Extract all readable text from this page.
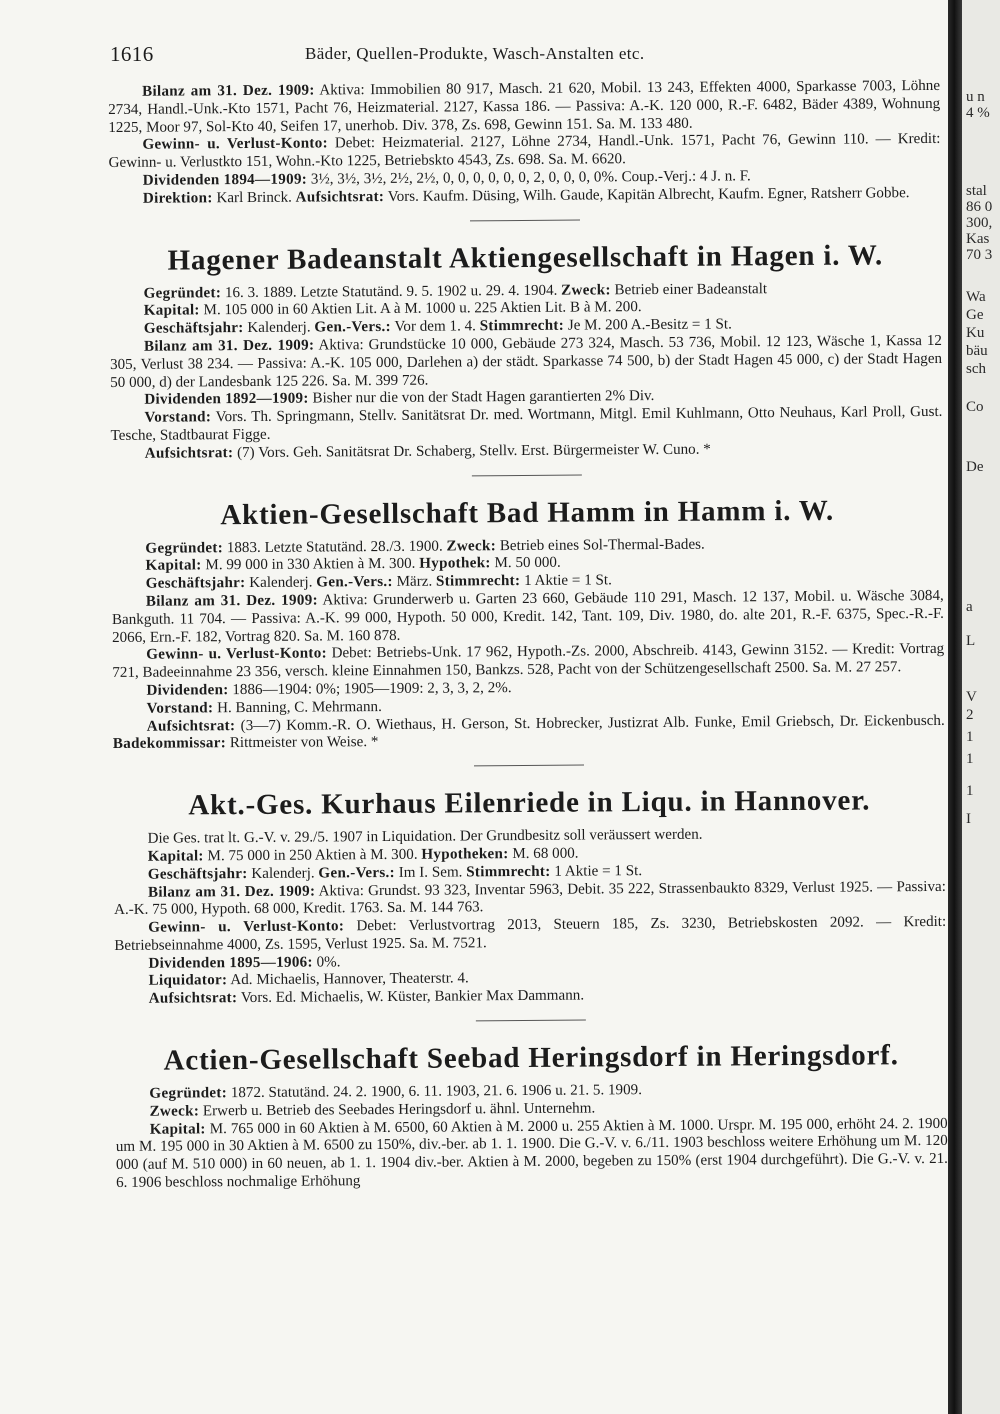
1616	Bäder, Quellen-Produkte, Wasch-Anstalten etc.

Bilanz am 31. Dez. 1909: Aktiva: Immobilien 80 917, Masch. 21 620, Mobil. 13 243, Effekten 4000, Sparkasse 7003, Löhne 2734, Handl.-Unk.-Kto 1571, Pacht 76, Heizmaterial. 2127, Kassa 186. — Passiva: A.-K. 120 000, R.-F. 6482, Bäder 4389, Wohnung 1225, Moor 97, Sol-Kto 40, Seifen 17, unerhob. Div. 378, Zs. 698, Gewinn 151. Sa. M. 133 480.

Gewinn- u. Verlust-Konto: Debet: Heizmaterial. 2127, Löhne 2734, Handl.-Unk. 1571, Pacht 76, Gewinn 110. — Kredit: Gewinn- u. Verlustkto 151, Wohn.-Kto 1225, Betriebskto 4543, Zs. 698. Sa. M. 6620.

Dividenden 1894—1909: 3½, 3½, 3½, 2½, 2½, 0, 0, 0, 0, 0, 0, 2, 0, 0, 0, 0%. Coup.-Verj.: 4 J. n. F.

Direktion: Karl Brinck. Aufsichtsrat: Vors. Kaufm. Düsing, Wilh. Gaude, Kapitän Albrecht, Kaufm. Egner, Ratsherr Gobbe.

Hagener Badeanstalt Aktiengesellschaft in Hagen i. W.

Gegründet: 16. 3. 1889. Letzte Statutänd. 9. 5. 1902 u. 29. 4. 1904. Zweck: Betrieb einer Badeanstalt

Kapital: M. 105 000 in 60 Aktien Lit. A à M. 1000 u. 225 Aktien Lit. B à M. 200.

Geschäftsjahr: Kalenderj. Gen.-Vers.: Vor dem 1. 4. Stimmrecht: Je M. 200 A.-Besitz = 1 St.

Bilanz am 31. Dez. 1909: Aktiva: Grundstücke 10 000, Gebäude 273 324, Masch. 53 736, Mobil. 12 123, Wäsche 1, Kassa 12 305, Verlust 38 234. — Passiva: A.-K. 105 000, Darlehen a) der städt. Sparkasse 74 500, b) der Stadt Hagen 45 000, c) der Stadt Hagen 50 000, d) der Landesbank 125 226. Sa. M. 399 726.

Dividenden 1892—1909: Bisher nur die von der Stadt Hagen garantierten 2% Div.

Vorstand: Vors. Th. Springmann, Stellv. Sanitätsrat Dr. med. Wortmann, Mitgl. Emil Kuhlmann, Otto Neuhaus, Karl Proll, Gust. Tesche, Stadtbaurat Figge.

Aufsichtsrat: (7) Vors. Geh. Sanitätsrat Dr. Schaberg, Stellv. Erst. Bürgermeister W. Cuno. *

Aktien-Gesellschaft Bad Hamm in Hamm i. W.

Gegründet: 1883. Letzte Statutänd. 28./3. 1900. Zweck: Betrieb eines Sol-Thermal-Bades.

Kapital: M. 99 000 in 330 Aktien à M. 300. Hypothek: M. 50 000.

Geschäftsjahr: Kalenderj. Gen.-Vers.: März. Stimmrecht: 1 Aktie = 1 St.

Bilanz am 31. Dez. 1909: Aktiva: Grunderwerb u. Garten 23 660, Gebäude 110 291, Masch. 12 137, Mobil. u. Wäsche 3084, Bankguth. 11 704. — Passiva: A.-K. 99 000, Hypoth. 50 000, Kredit. 142, Tant. 109, Div. 1980, do. alte 201, R.-F. 6375, Spec.-R.-F. 2066, Ern.-F. 182, Vortrag 820. Sa. M. 160 878.

Gewinn- u. Verlust-Konto: Debet: Betriebs-Unk. 17 962, Hypoth.-Zs. 2000, Abschreib. 4143, Gewinn 3152. — Kredit: Vortrag 721, Badeeinnahme 23 356, versch. kleine Einnahmen 150, Bankzs. 528, Pacht von der Schützengesellschaft 2500. Sa. M. 27 257.

Dividenden: 1886—1904: 0%; 1905—1909: 2, 3, 3, 2, 2%.

Vorstand: H. Banning, C. Mehrmann.

Aufsichtsrat: (3—7) Komm.-R. O. Wiethaus, H. Gerson, St. Hobrecker, Justizrat Alb. Funke, Emil Griebsch, Dr. Eickenbusch. Badekommissar: Rittmeister von Weise. *

Akt.-Ges. Kurhaus Eilenriede in Liqu. in Hannover.

Die Ges. trat lt. G.-V. v. 29./5. 1907 in Liquidation. Der Grundbesitz soll veräussert werden.

Kapital: M. 75 000 in 250 Aktien à M. 300. Hypotheken: M. 68 000.

Geschäftsjahr: Kalenderj. Gen.-Vers.: Im I. Sem. Stimmrecht: 1 Aktie = 1 St.

Bilanz am 31. Dez. 1909: Aktiva: Grundst. 93 323, Inventar 5963, Debit. 35 222, Strassenbaukto 8329, Verlust 1925. — Passiva: A.-K. 75 000, Hypoth. 68 000, Kredit. 1763. Sa. M. 144 763.

Gewinn- u. Verlust-Konto: Debet: Verlustvortrag 2013, Steuern 185, Zs. 3230, Betriebskosten 2092. — Kredit: Betriebseinnahme 4000, Zs. 1595, Verlust 1925. Sa. M. 7521.

Dividenden 1895—1906: 0%.

Liquidator: Ad. Michaelis, Hannover, Theaterstr. 4.

Aufsichtsrat: Vors. Ed. Michaelis, W. Küster, Bankier Max Dammann.

Actien-Gesellschaft Seebad Heringsdorf in Heringsdorf.

Gegründet: 1872. Statutänd. 24. 2. 1900, 6. 11. 1903, 21. 6. 1906 u. 21. 5. 1909.

Zweck: Erwerb u. Betrieb des Seebades Heringsdorf u. ähnl. Unternehm.

Kapital: M. 765 000 in 60 Aktien à M. 6500, 60 Aktien à M. 2000 u. 255 Aktien à M. 1000. Urspr. M. 195 000, erhöht 24. 2. 1900 um M. 195 000 in 30 Aktien à M. 6500 zu 150%, div.-ber. ab 1. 1. 1900. Die G.-V. v. 6./11. 1903 beschloss weitere Erhöhung um M. 120 000 (auf M. 510 000) in 60 neuen, ab 1. 1. 1904 div.-ber. Aktien à M. 2000, begeben zu 150% (erst 1904 durchgeführt). Die G.-V. v. 21. 6. 1906 beschloss nochmalige Erhöhung

u n
4 %
stal
86 0
300,
Kas
70 3
Wa
Ge
Ku
bäu
sch
Co
De
a
L
V
2
1
1
1
I
